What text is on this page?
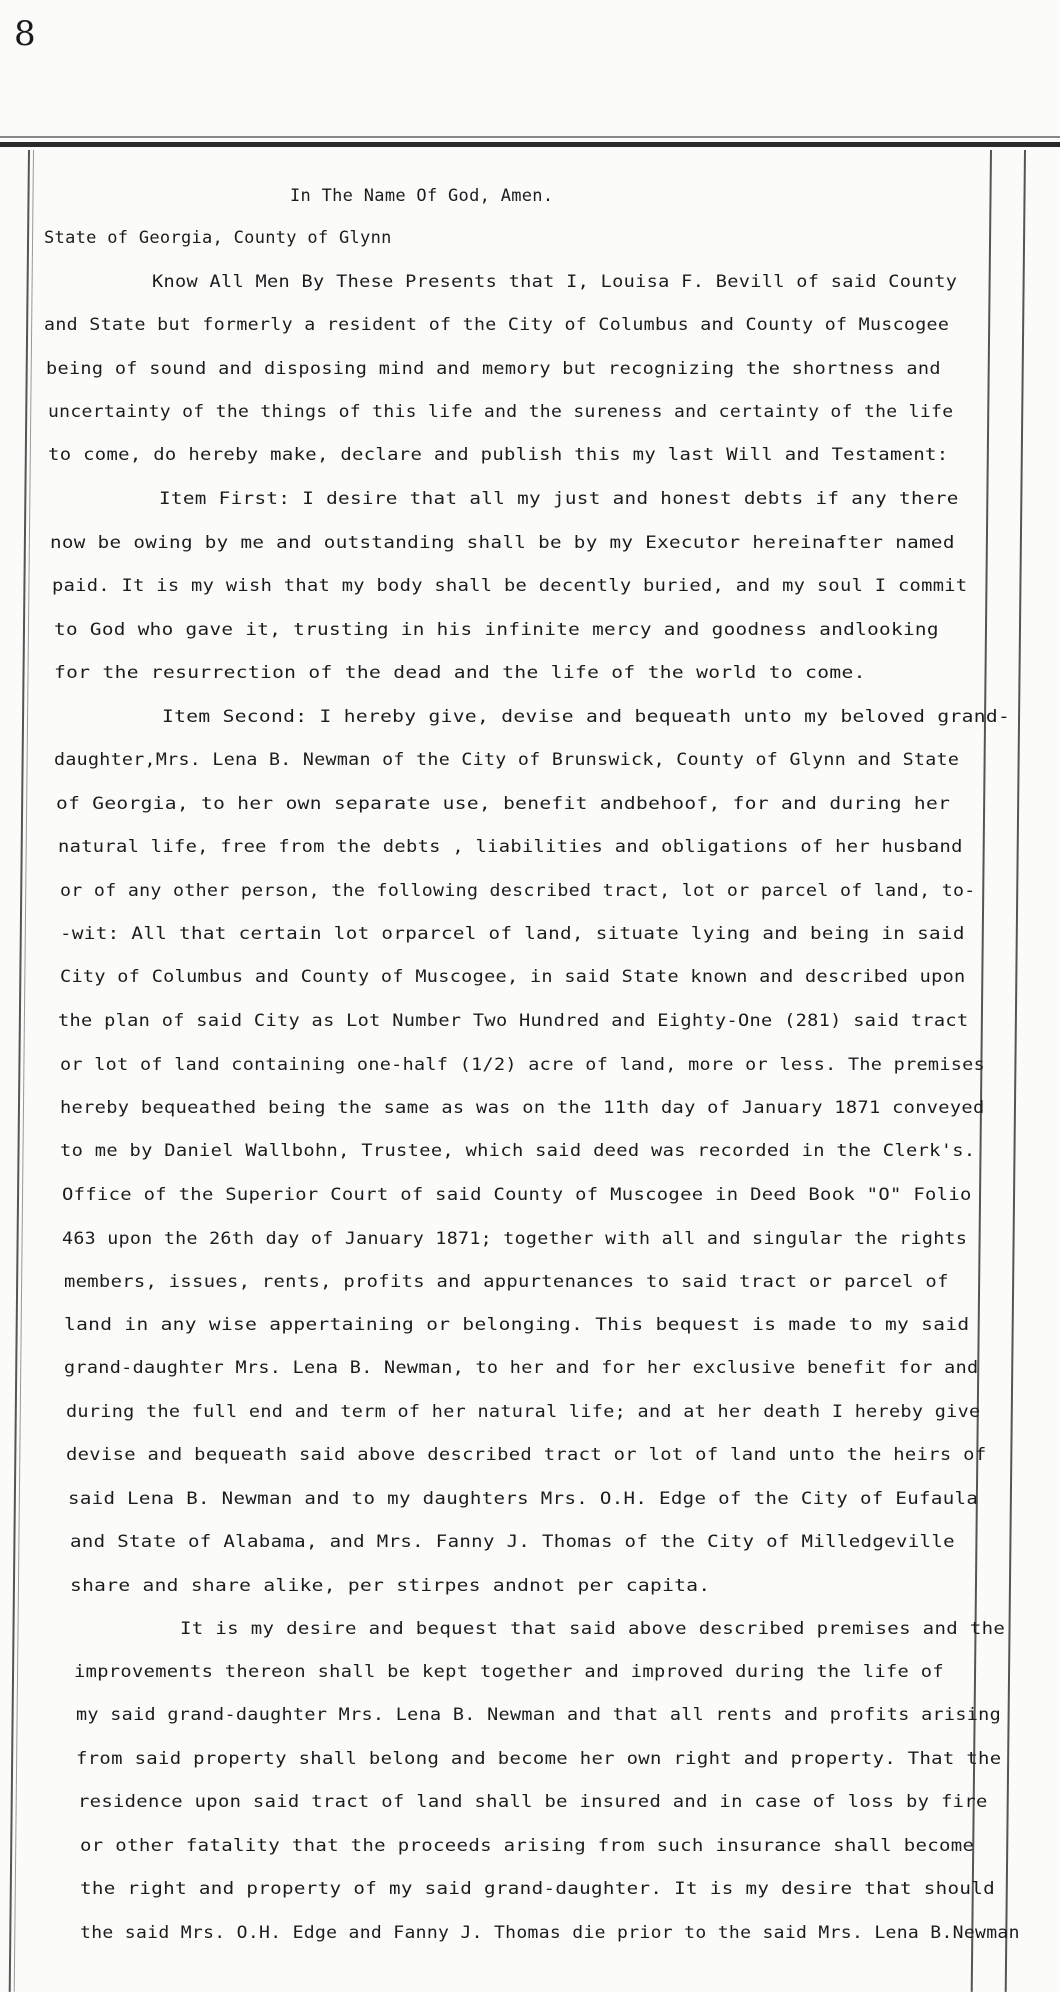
8
In The Name Of God, Amen.
State of Georgia, County of Glynn
Know All Men By These Presents that I, Louisa F. Bevill of said County
and State but formerly a resident of the City of Columbus and County of Muscogee
being of sound and disposing mind and memory but recognizing the shortness and
uncertainty of the things of this life and the sureness and certainty of the life
to come, do hereby make, declare and publish this my last Will and Testament:
Item First: I desire that all my just and honest debts if any there
now be owing by me and outstanding shall be by my Executor hereinafter named
paid. It is my wish that my body shall be decently buried, and my soul I commit
to God who gave it, trusting in his infinite mercy and goodness andlooking
for the resurrection of the dead and the life of the world to come.
Item Second: I hereby give, devise and bequeath unto my beloved grand-
daughter,Mrs. Lena B. Newman of the City of Brunswick, County of Glynn and State
of Georgia, to her own separate use, benefit andbehoof, for and during her
natural life, free from the debts , liabilities and obligations of her husband
or of any other person, the following described tract, lot or parcel of land, to-
-wit: All that certain lot orparcel of land, situate lying and being in said
City of Columbus and County of Muscogee, in said State known and described upon
the plan of said City as Lot Number Two Hundred and Eighty-One (281) said tract
or lot of land containing one-half (1/2) acre of land, more or less. The premises
hereby bequeathed being the same as was on the 11th day of January 1871 conveyed
to me by Daniel Wallbohn, Trustee, which said deed was recorded in the Clerk's.
Office of the Superior Court of said County of Muscogee in Deed Book "O" Folio
463 upon the 26th day of January 1871; together with all and singular the rights
members, issues, rents, profits and appurtenances to said tract or parcel of
land in any wise appertaining or belonging. This bequest is made to my said
grand-daughter Mrs. Lena B. Newman, to her and for her exclusive benefit for and
during the full end and term of her natural life; and at her death I hereby give
devise and bequeath said above described tract or lot of land unto the heirs of
said Lena B. Newman and to my daughters Mrs. O.H. Edge of the City of Eufaula
and State of Alabama, and Mrs. Fanny J. Thomas of the City of Milledgeville
share and share alike, per stirpes andnot per capita.
It is my desire and bequest that said above described premises and the
improvements thereon shall be kept together and improved during the life of
my said grand-daughter Mrs. Lena B. Newman and that all rents and profits arising
from said property shall belong and become her own right and property. That the
residence upon said tract of land shall be insured and in case of loss by fire
or other fatality that the proceeds arising from such insurance shall become
the right and property of my said grand-daughter. It is my desire that should
the said Mrs. O.H. Edge and Fanny J. Thomas die prior to the said Mrs. Lena B.Newman
